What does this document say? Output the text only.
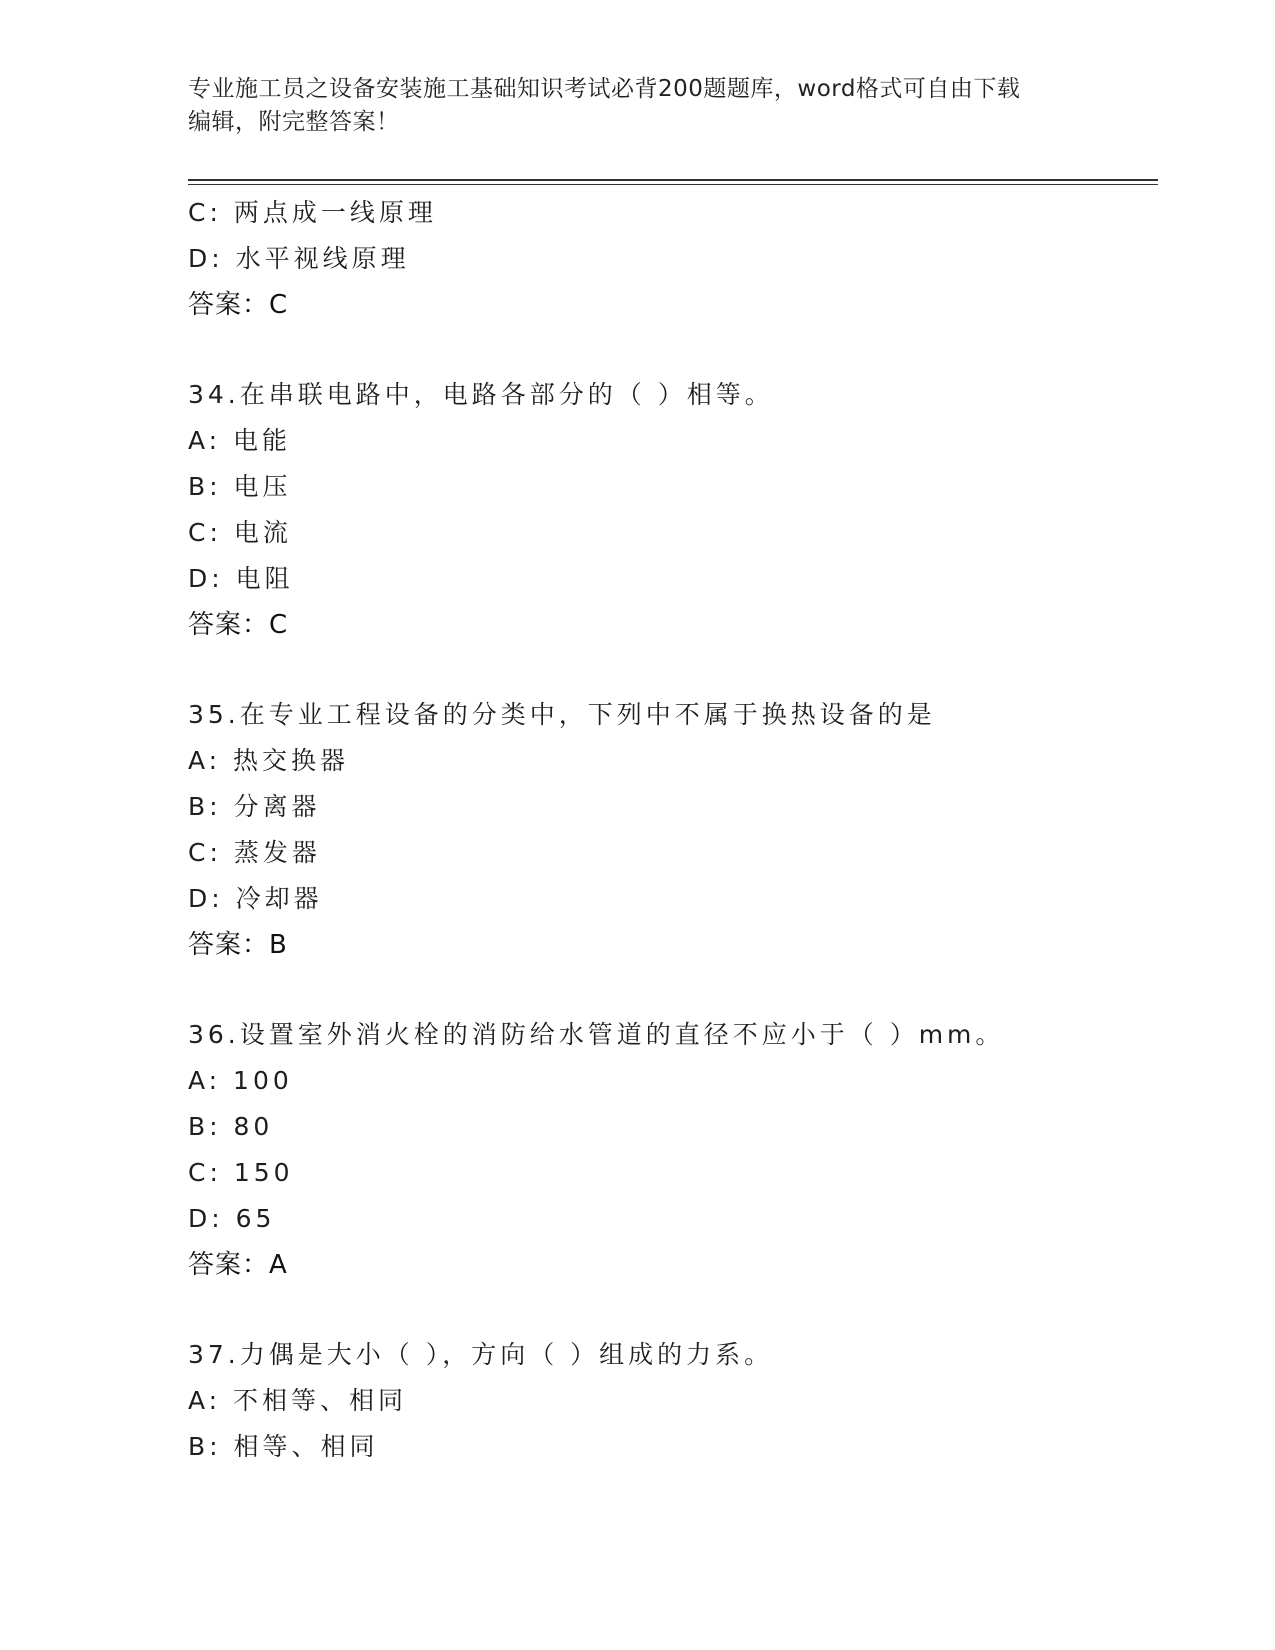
专业施工员之设备安装施工基础知识考试必背200题题库，word格式可自由下载
编辑，附完整答案！
C: 两点成一线原理
D: 水平视线原理
答案：C
34.在串联电路中，电路各部分的（ ）相等。
A: 电能
B: 电压
C: 电流
D: 电阻
答案：C
35.在专业工程设备的分类中，下列中不属于换热设备的是
A: 热交换器
B: 分离器
C: 蒸发器
D: 冷却器
答案：B
36.设置室外消火栓的消防给水管道的直径不应小于（ ）mm。
A: 100
B: 80
C: 150
D: 65
答案：A
37.力偶是大小（ ），方向（ ）组成的力系。
A: 不相等、相同
B: 相等、相同
